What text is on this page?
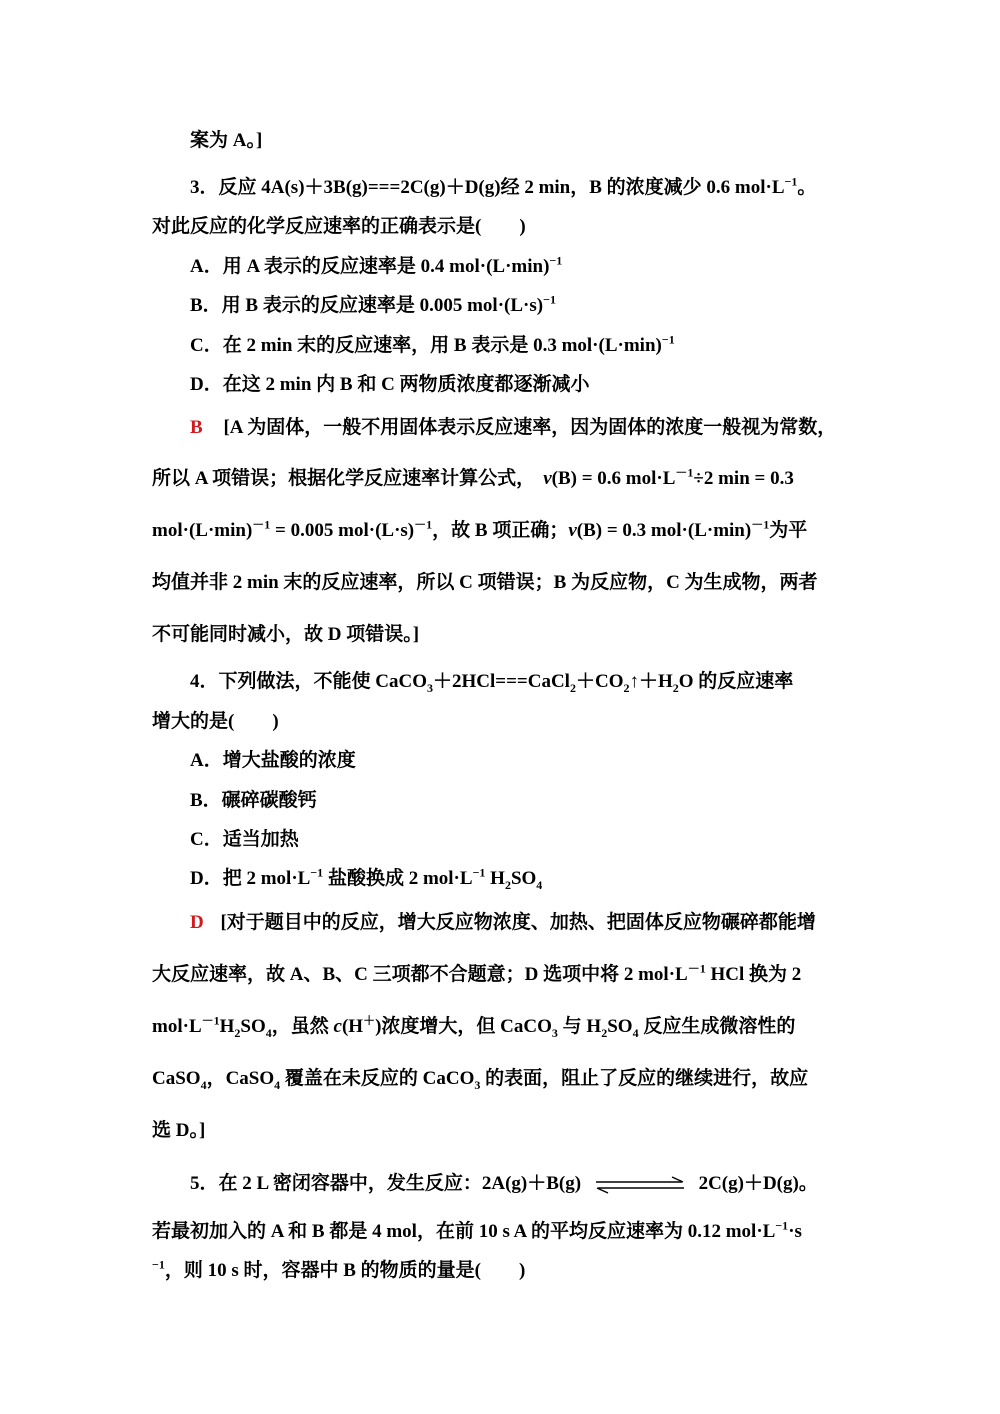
案为 A。]
3．反应 4A(s)＋3B(g)===2C(g)＋D(g)经 2 min，B 的浓度减少 0.6 $mol\cdot L^{-1}$。
对此反应的化学反应速率的正确表示是(　　)
A．用 A 表示的反应速率是 0.4 $mol\cdot(L\cdot\min)^{-1}$
B．用 B 表示的反应速率是 0.005 $mol\cdot(L\cdot s)^{-1}$
C．在 2 min 末的反应速率，用 B 表示是 0.3 $mol\cdot(L\cdot\min)^{-1}$
D．在这 2 min 内 B 和 C 两物质浓度都逐渐减小
B [A 为固体，一般不用固体表示反应速率，因为固体的浓度一般视为常数，
所以 A 项错误；根据化学反应速率计算公式， v(B) = 0.6 $mol\cdot L^{-1}\div 2$ min = 0.3
$mol\cdot(L\cdot\min)^{-1} = 0.005$ $mol\cdot(L\cdot s)^{-1}$，故 B 项正确；v(B) = 0.3 $mol\cdot(L\cdot\min)^{-1}$为平
均值并非 2 min 末的反应速率，所以 C 项错误；B 为反应物，C 为生成物，两者
不可能同时减小，故 D 项错误。]
4．下列做法，不能使 $CaCO_3+2HCl===CaCl_2+CO_2↑+H_2O$ 的反应速率
增大的是(　　)
A．增大盐酸的浓度
B．碾碎碳酸钙
C．适当加热
D．把 2 $mol\cdot L^{-1}$ 盐酸换成 2 $mol\cdot L^{-1}$ $H_2SO_4$
D [对于题目中的反应，增大反应物浓度、加热、把固体反应物碾碎都能增
大反应速率，故 A、B、C 三项都不合题意；D 选项中将 2 $mol\cdot L^{-1}$ HCl 换为 2
$mol\cdot L^{-1}H_2SO_4$，虽然 c(H＋)浓度增大，但 CaCO$_3$ 与 $H_2SO_4$ 反应生成微溶性的
CaSO$_4$，CaSO$_4$ 覆盖在未反应的 CaCO$_3$ 的表面，阻止了反应的继续进行，故应
选 D。]
5．在 2 L 密闭容器中，发生反应：2A(g)＋B(g)	2C(g)＋D(g)。
若最初加入的 A 和 B 都是 4 mol，在前 10 s A 的平均反应速率为 0.12 $mol\cdot L^{-1}\cdot s$
$^{-1}$，则 10 s 时，容器中 B 的物质的量是(　　)
